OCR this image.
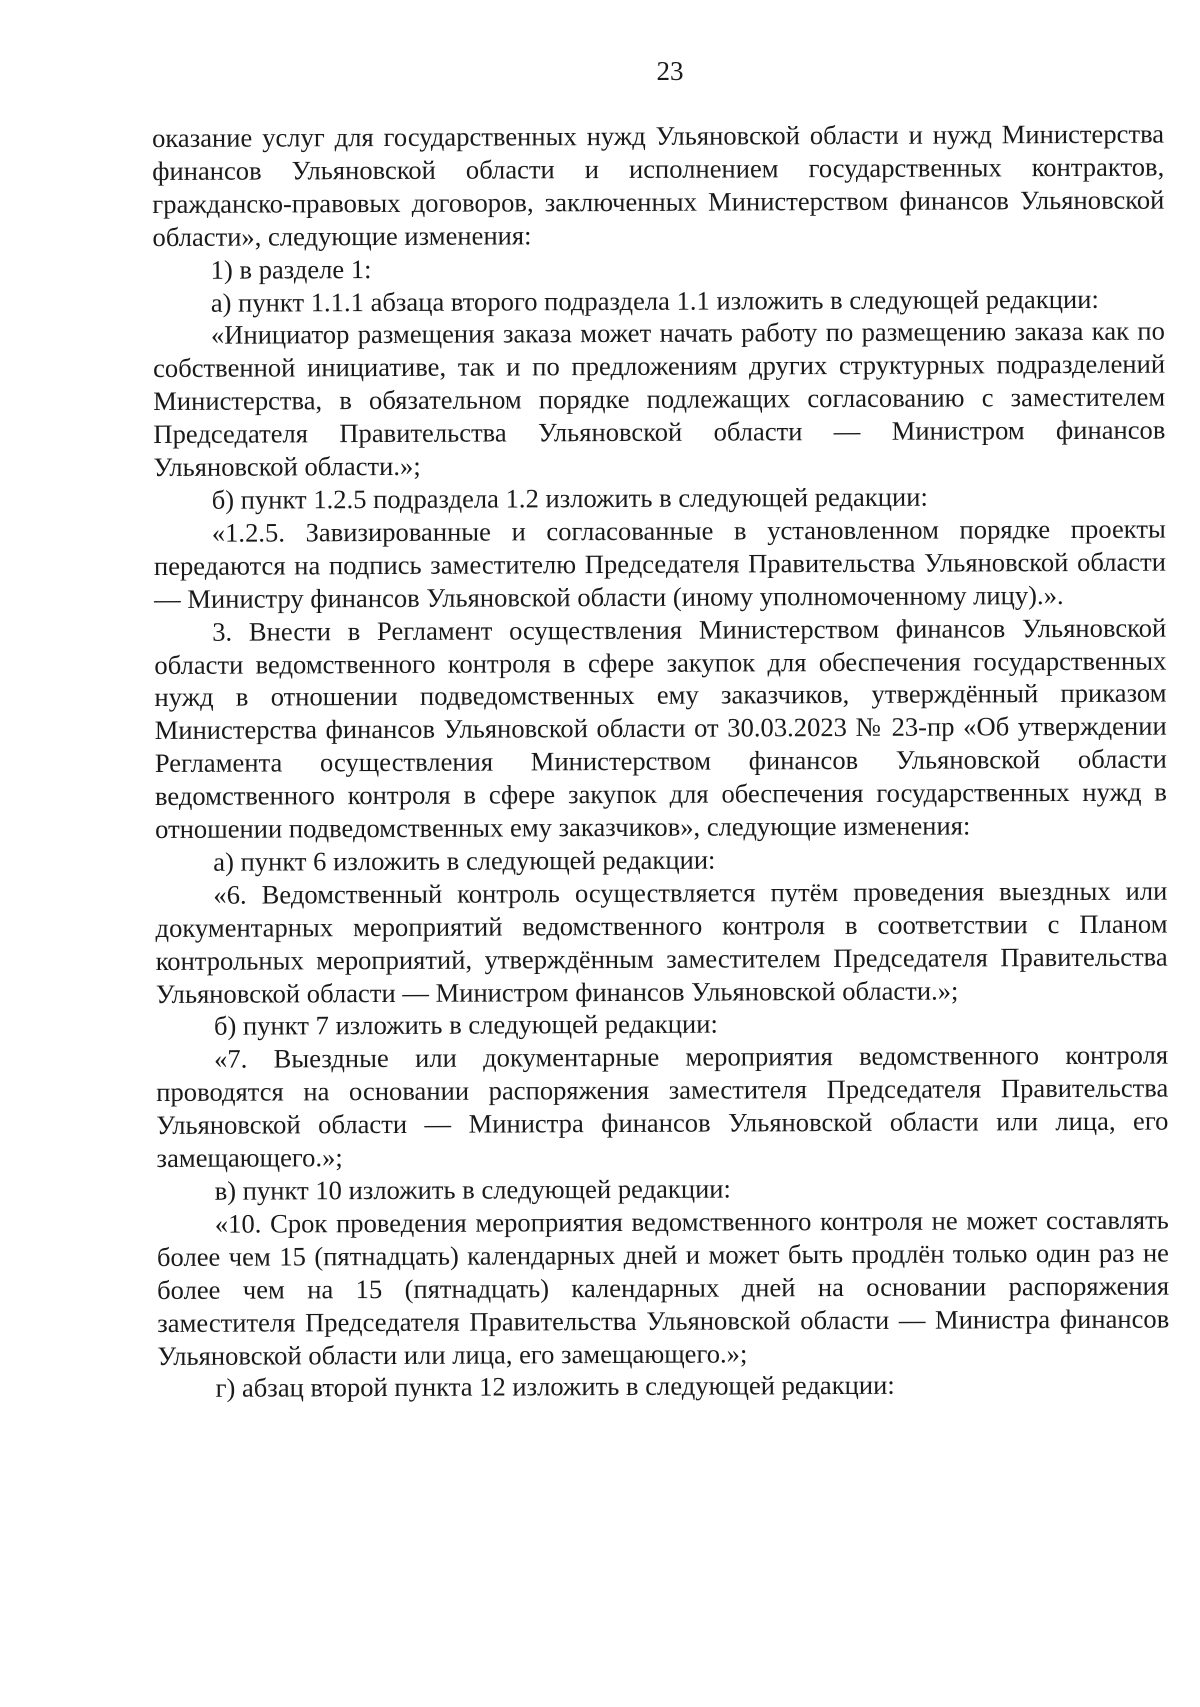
23

оказание услуг для государственных нужд Ульяновской области и нужд Министерства финансов Ульяновской области и исполнением государственных контрактов, гражданско-правовых договоров, заключенных Министерством финансов Ульяновской области», следующие изменения:

1) в разделе 1:

а) пункт 1.1.1 абзаца второго подраздела 1.1 изложить в следующей редакции:

«Инициатор размещения заказа может начать работу по размещению заказа как по собственной инициативе, так и по предложениям других структурных подразделений Министерства, в обязательном порядке подлежащих согласованию с заместителем Председателя Правительства Ульяновской области — Министром финансов Ульяновской области.»;

б) пункт 1.2.5 подраздела 1.2 изложить в следующей редакции:

«1.2.5. Завизированные и согласованные в установленном порядке проекты передаются на подпись заместителю Председателя Правительства Ульяновской области — Министру финансов Ульяновской области (иному уполномоченному лицу).».

3. Внести в Регламент осуществления Министерством финансов Ульяновской области ведомственного контроля в сфере закупок для обеспечения государственных нужд в отношении подведомственных ему заказчиков, утверждённый приказом Министерства финансов Ульяновской области от 30.03.2023 № 23-пр «Об утверждении Регламента осуществления Министерством финансов Ульяновской области ведомственного контроля в сфере закупок для обеспечения государственных нужд в отношении подведомственных ему заказчиков», следующие изменения:

а) пункт 6 изложить в следующей редакции:

«6. Ведомственный контроль осуществляется путём проведения выездных или документарных мероприятий ведомственного контроля в соответствии с Планом контрольных мероприятий, утверждённым заместителем Председателя Правительства Ульяновской области — Министром финансов Ульяновской области.»;

б) пункт 7 изложить в следующей редакции:

«7. Выездные или документарные мероприятия ведомственного контроля проводятся на основании распоряжения заместителя Председателя Правительства Ульяновской области — Министра финансов Ульяновской области или лица, его замещающего.»;

в) пункт 10 изложить в следующей редакции:

«10. Срок проведения мероприятия ведомственного контроля не может составлять более чем 15 (пятнадцать) календарных дней и может быть продлён только один раз не более чем на 15 (пятнадцать) календарных дней на основании распоряжения заместителя Председателя Правительства Ульяновской области — Министра финансов Ульяновской области или лица, его замещающего.»;

г) абзац второй пункта 12 изложить в следующей редакции:
